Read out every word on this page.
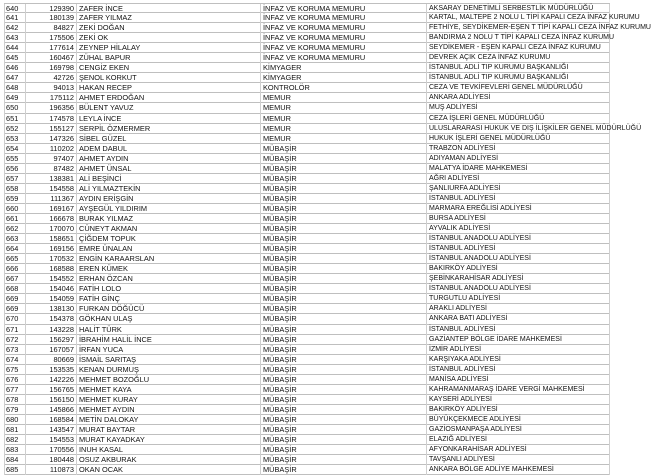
640	129390 ZAFER İNCE	İNFAZ VE KORUMA MEMURU	AKSARAY DENETİMLİ SERBESTLİK MÜDÜRLÜĞÜ
641	180139 ZAFER YILMAZ	İNFAZ VE KORUMA MEMURU	KARTAL, MALTEPE 2 NOLU L TİPİ KAPALI CEZA İNFAZ KURUMU
642	84827 ZEKİ DOĞAN	İNFAZ VE KORUMA MEMURU	FETHİYE, SEYDİKEMER-EŞEN T TİPİ KAPALI CEZA İNFAZ KURUMU
643	175506 ZEKİ OK	İNFAZ VE KORUMA MEMURU	BANDIRMA 2 NOLU T TİPİ KAPALI CEZA İNFAZ KURUMU
644	177614 ZEYNEP HİLALAY	İNFAZ VE KORUMA MEMURU	SEYDİKEMER - EŞEN KAPALI CEZA İNFAZ KURUMU
645	160467 ZÜHAL BAPUR	İNFAZ VE KORUMA MEMURU	DEVREK AÇIK CEZA İNFAZ KURUMU
646	169798 CENGİZ EKEN	KİMYAGER	İSTANBUL ADLİ TIP KURUMU BAŞKANLIĞI
647	42726 ŞENOL KORKUT	KİMYAGER	İSTANBUL ADLİ TIP KURUMU BAŞKANLIĞI
648	94013 HAKAN RECEP	KONTROLÖR	CEZA VE TEVKİFEVLERİ GENEL MÜDÜRLÜĞÜ
649	175112 AHMET ERDOĞAN	MEMUR	ANKARA ADLİYESİ
650	196356 BÜLENT YAVUZ	MEMUR	MUŞ ADLİYESİ
651	174578 LEYLA İNCE	MEMUR	CEZA İŞLERİ GENEL MÜDÜRLÜĞÜ
652	155127 SERPİL ÖZMERMER	MEMUR	ULUSLARARASI HUKUK VE DIŞ İLİŞKİLER GENEL MÜDÜRLÜĞÜ
653	147326 SİBEL GÜZEL	MEMUR	HUKUK İŞLERİ GENEL MÜDÜRLÜĞÜ
654	110202 ADEM DABUL	MÜBAŞİR	TRABZON ADLİYESİ
655	97407 AHMET AYDIN	MÜBAŞİR	ADIYAMAN ADLİYESİ
656	87482 AHMET ÜNSAL	MÜBAŞİR	MALATYA İDARE MAHKEMESİ
657	138381 ALİ BEŞİNCİ	MÜBAŞİR	AĞRI ADLİYESİ
658	154558 ALİ YILMAZTEKİN	MÜBAŞİR	ŞANLIURFA ADLİYESİ
659	111367 AYDIN ERİŞGİN	MÜBAŞİR	İSTANBUL ADLİYESİ
660	169167 AYŞEGÜL YILDIRIM	MÜBAŞİR	MARMARA EREĞLİSİ ADLİYESİ
661	166678 BURAK YILMAZ	MÜBAŞİR	BURSA ADLİYESİ
662	170070 CÜNEYT AKMAN	MÜBAŞİR	AYVALIK ADLİYESİ
663	158651 ÇİĞDEM TOPUK	MÜBAŞİR	İSTANBUL ANADOLU ADLİYESİ
664	169156 EMRE ÜNALAN	MÜBAŞİR	İSTANBUL ADLİYESİ
665	170532 ENGİN KARAARSLAN	MÜBAŞİR	İSTANBUL ANADOLU ADLİYESİ
666	168588 EREN KÜMEK	MÜBAŞİR	BAKIRKÖY ADLİYESİ
667	154552 ERHAN ÖZCAN	MÜBAŞİR	ŞEBİNKARAHİSAR ADLİYESİ
668	154046 FATİH LOLO	MÜBAŞİR	İSTANBUL ANADOLU ADLİYESİ
669	154059 FATİH GİNÇ	MÜBAŞİR	TURGUTLU ADLİYESİ
669	138130 FURKAN DÖĞÜCÜ	MÜBAŞİR	ARAKLI ADLİYESİ
670	154378 GÖKHAN ULAŞ	MÜBAŞİR	ANKARA BATI ADLİYESİ
671	143228 HALİT TÜRK	MÜBAŞİR	İSTANBUL ADLİYESİ
672	156297 İBRAHİM HALİL İNCE	MÜBAŞİR	GAZİANTEP BÖLGE İDARE MAHKEMESİ
673	167057 İRFAN YUCA	MÜBAŞİR	İZMİR ADLİYESİ
674	80669 İSMAİL SARITAŞ	MÜBAŞİR	KARŞIYAKA ADLİYESİ
675	153535 KENAN DURMUŞ	MÜBAŞİR	İSTANBUL ADLİYESİ
676	142226 MEHMET BOZOĞLU	MÜBAŞİR	MANİSA ADLİYESİ
677	156765 MEHMET KAYA	MÜBAŞİR	KAHRAMANMARAŞ İDARE VERGİ MAHKEMESİ
678	156150 MEHMET KURAY	MÜBAŞİR	KAYSERİ ADLİYESİ
679	145866 MEHMET AYDIN	MÜBAŞİR	BAKIRKÖY ADLİYESİ
680	168584 METİN DALOKAY	MÜBAŞİR	BÜYÜKÇEKMECE ADLİYESİ
681	143547 MURAT BAYTAR	MÜBAŞİR	GAZİOSMANPAŞA ADLİYESİ
682	154553 MURAT KAYADKAY	MÜBAŞİR	ELAZIĞ ADLİYESİ
683	170556 INUH KASAL	MÜBAŞİR	AFYONKARAHİSAR ADLİYESİ
684	180448 OSUZ AKBURAK	MÜBAŞİR	TAVŞANLI ADLİYESİ
685	110873 OKAN OCAK	MÜBAŞİR	ANKARA BÖLGE ADLİYE MAHKEMESİ
